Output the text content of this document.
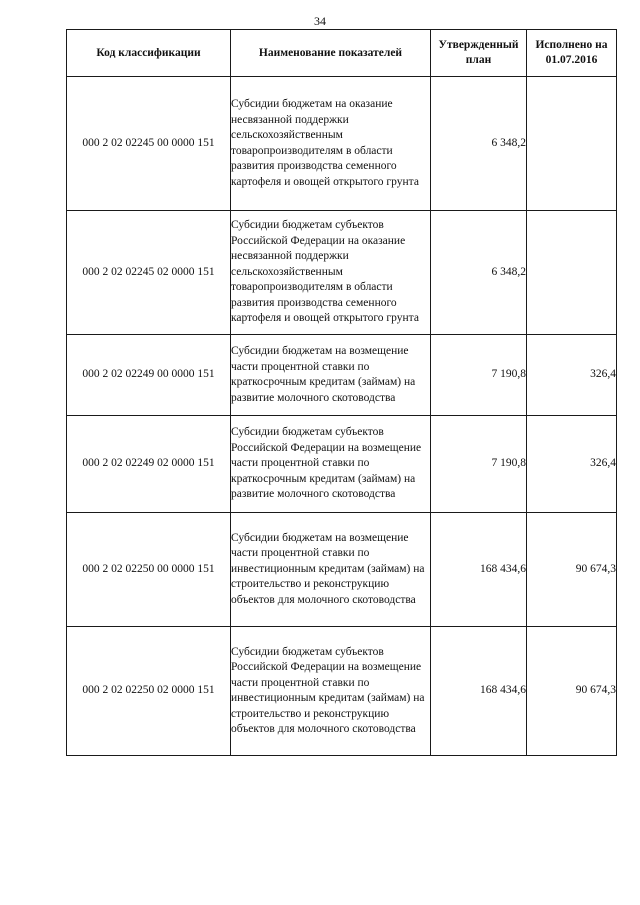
34
Код классификации	Наименование показателей	Утвержденный план	Исполнено на 01.07.2016
000 2 02 02245 00 0000 151	Субсидии бюджетам на оказание несвязанной поддержки сельскохозяйственным товаропроизводителям в области развития производства семенного картофеля и овощей открытого грунта	6 348,2	
000 2 02 02245 02 0000 151	Субсидии бюджетам субъектов Российской Федерации на оказание несвязанной поддержки сельскохозяйственным товаропроизводителям в области развития производства семенного картофеля и овощей открытого грунта	6 348,2	
000 2 02 02249 00 0000 151	Субсидии бюджетам на возмещение части процентной ставки по краткосрочным кредитам (займам) на развитие молочного скотоводства	7 190,8	326,4
000 2 02 02249 02 0000 151	Субсидии бюджетам субъектов Российской Федерации на возмещение части процентной ставки по краткосрочным кредитам (займам) на развитие молочного скотоводства	7 190,8	326,4
000 2 02 02250 00 0000 151	Субсидии бюджетам на возмещение части процентной ставки по инвестиционным кредитам (займам) на строительство и реконструкцию объектов для молочного скотоводства	168 434,6	90 674,3
000 2 02 02250 02 0000 151	Субсидии бюджетам субъектов Российской Федерации на возмещение части процентной ставки по инвестиционным кредитам (займам) на строительство и реконструкцию объектов для молочного скотоводства	168 434,6	90 674,3
